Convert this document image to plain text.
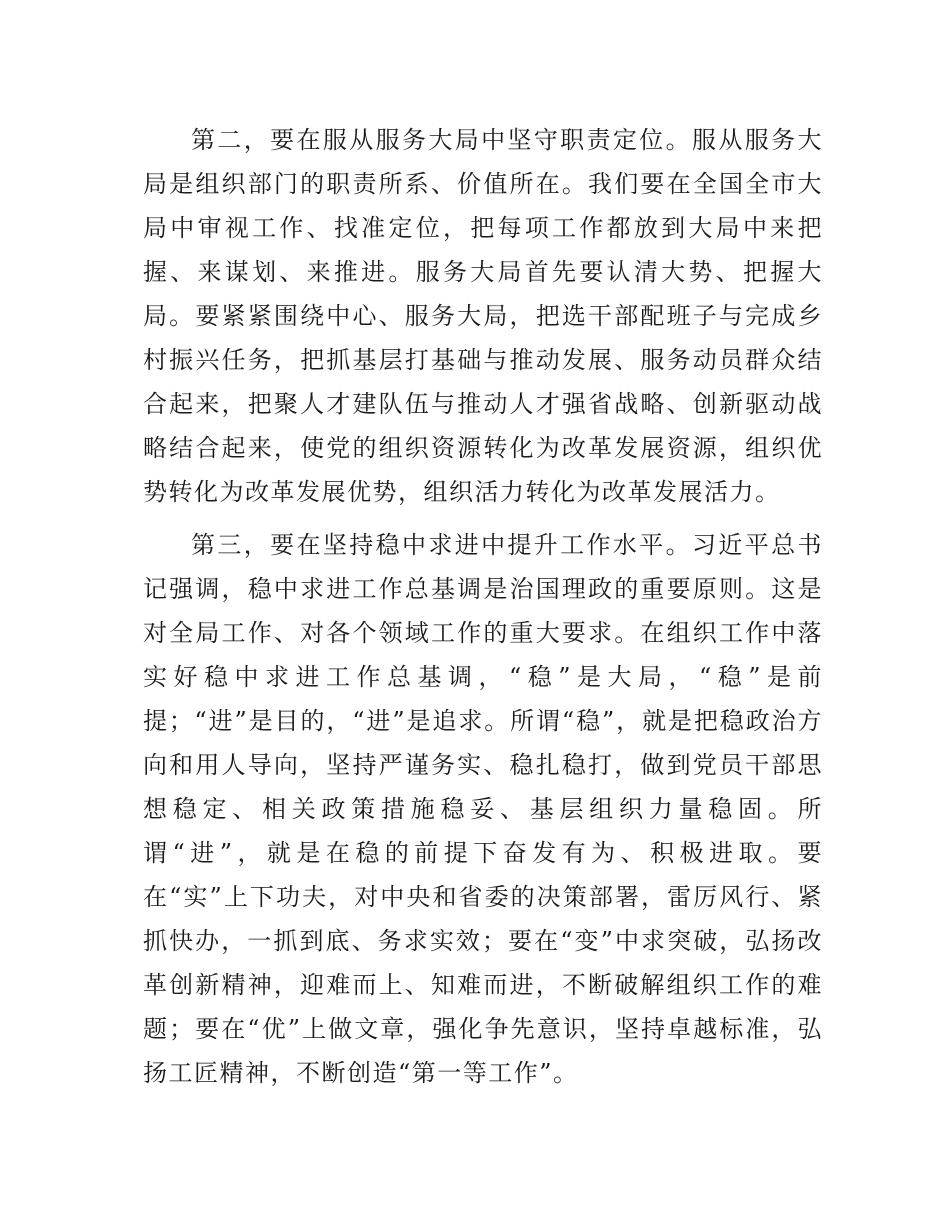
第二，要在服从服务大局中坚守职责定位。服从服务大局是组织部门的职责所系、价值所在。我们要在全国全市大局中审视工作、找准定位，把每项工作都放到大局中来把握、来谋划、来推进。服务大局首先要认清大势、把握大局。要紧紧围绕中心、服务大局，把选干部配班子与完成乡村振兴任务，把抓基层打基础与推动发展、服务动员群众结合起来，把聚人才建队伍与推动人才强省战略、创新驱动战略结合起来，使党的组织资源转化为改革发展资源，组织优势转化为改革发展优势，组织活力转化为改革发展活力。

第三，要在坚持稳中求进中提升工作水平。习近平总书记强调，稳中求进工作总基调是治国理政的重要原则。这是对全局工作、对各个领域工作的重大要求。在组织工作中落实好稳中求进工作总基调，“稳”是大局，“稳”是前提；“进”是目的，“进”是追求。所谓“稳”，就是把稳政治方向和用人导向，坚持严谨务实、稳扎稳打，做到党员干部思想稳定、相关政策措施稳妥、基层组织力量稳固。所谓“进”，就是在稳的前提下奋发有为、积极进取。要在“实”上下功夫，对中央和省委的决策部署，雷厉风行、紧抓快办，一抓到底、务求实效；要在“变”中求突破，弘扬改革创新精神，迎难而上、知难而进，不断破解组织工作的难题；要在“优”上做文章，强化争先意识，坚持卓越标准，弘扬工匠精神，不断创造“第一等工作”。
